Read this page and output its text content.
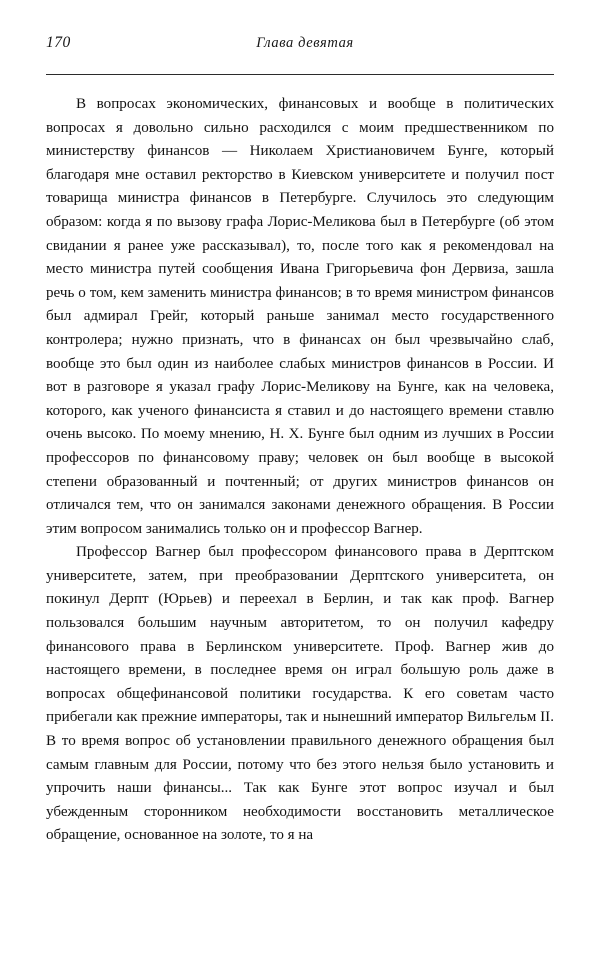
170	Глава девятая

В вопросах экономических, финансовых и вообще в политических вопросах я довольно сильно расходился с моим предшественником по министерству финансов — Николаем Христиановичем Бунге, который благодаря мне оставил ректорство в Киевском университете и получил пост товарища министра финансов в Петербурге. Случилось это следующим образом: когда я по вызову графа Лорис-Меликова был в Петербурге (об этом свидании я ранее уже рассказывал), то, после того как я рекомендовал на место министра путей сообщения Ивана Григорьевича фон Дервиза, зашла речь о том, кем заменить министра финансов; в то время министром финансов был адмирал Грейг, который раньше занимал место государственного контролера; нужно признать, что в финансах он был чрезвычайно слаб, вообще это был один из наиболее слабых министров финансов в России. И вот в разговоре я указал графу Лорис-Меликову на Бунге, как на человека, которого, как ученого финансиста я ставил и до настоящего времени ставлю очень высоко. По моему мнению, Н. Х. Бунге был одним из лучших в России профессоров по финансовому праву; человек он был вообще в высокой степени образованный и почтенный; от других министров финансов он отличался тем, что он занимался законами денежного обращения. В России этим вопросом занимались только он и профессор Вагнер.

Профессор Вагнер был профессором финансового права в Дерптском университете, затем, при преобразовании Дерптского университета, он покинул Дерпт (Юрьев) и переехал в Берлин, и так как проф. Вагнер пользовался большим научным авторитетом, то он получил кафедру финансового права в Берлинском университете. Проф. Вагнер жив до настоящего времени, в последнее время он играл большую роль даже в вопросах общефинансовой политики государства. К его советам часто прибегали как прежние императоры, так и нынешний император Вильгельм II. В то время вопрос об установлении правильного денежного обращения был самым главным для России, потому что без этого нельзя было установить и упрочить наши финансы... Так как Бунге этот вопрос изучал и был убежденным сторонником необходимости восстановить металлическое обращение, основанное на золоте, то я на
